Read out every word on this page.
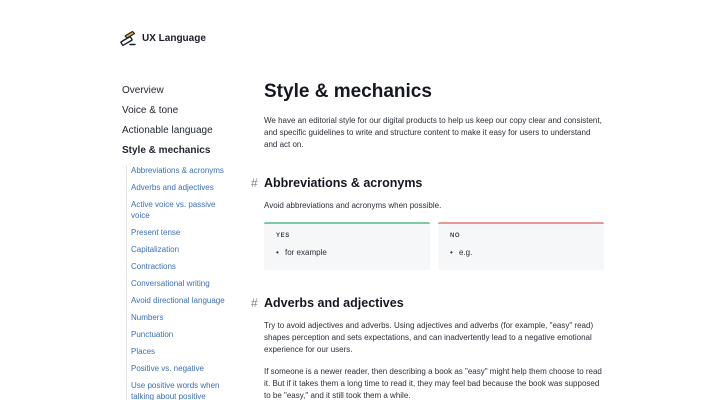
UX Language
Overview
Voice & tone
Actionable language
Style & mechanics
Abbreviations & acronyms
Adverbs and adjectives
Active voice vs. passive voice
Present tense
Capitalization
Contractions
Conversational writing
Avoid directional language
Numbers
Punctuation
Places
Positive vs. negative
Use positive words when talking about positive
Style & mechanics

We have an editorial style for our digital products to help us keep our copy clear and consistent, and specific guidelines to write and structure content to make it easy for users to understand and act on.

# Abbreviations & acronyms

Avoid abbreviations and acronyms when possible.

YES
• for example
NO
• e.g.
# Adverbs and adjectives

Try to avoid adjectives and adverbs. Using adjectives and adverbs (for example, "easy" read) shapes perception and sets expectations, and can inadvertently lead to a negative emotional experience for our users.

If someone is a newer reader, then describing a book as "easy" might help them choose to read it. But if it takes them a long time to read it, they may feel bad because the book was supposed to be "easy," and it still took them a while.
